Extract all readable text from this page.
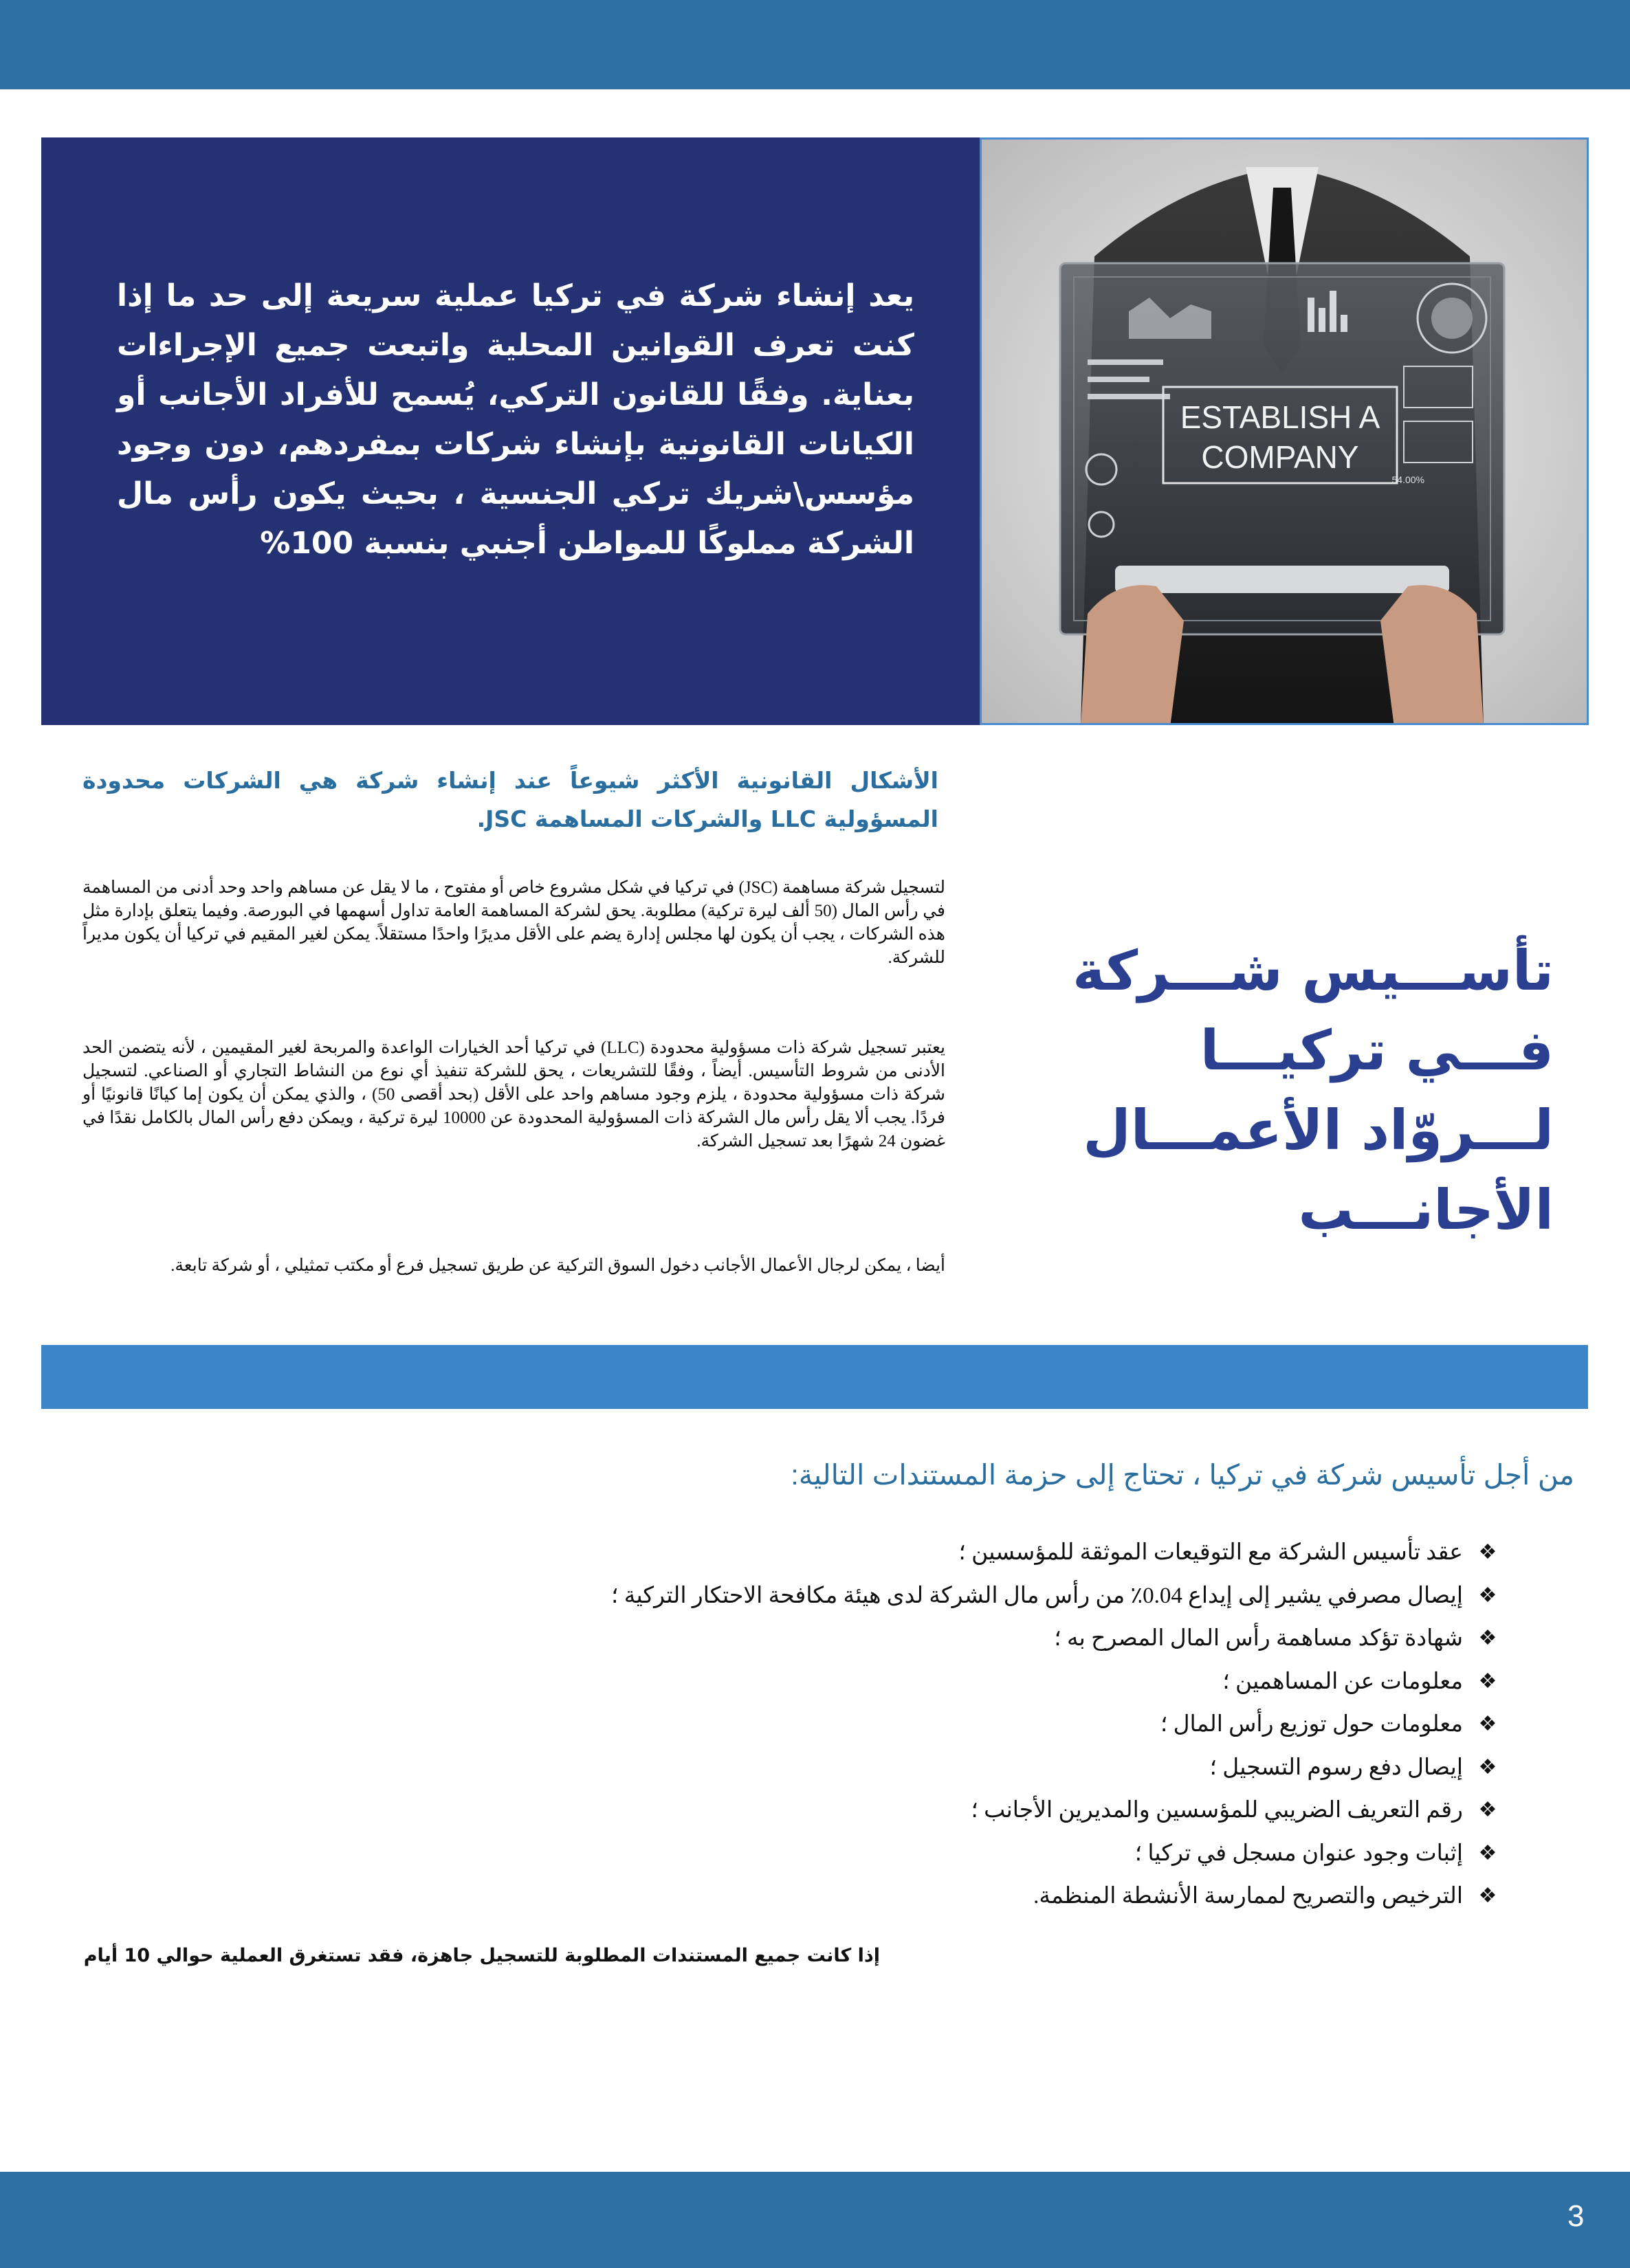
يعد إنشاء شركة في تركيا عملية سريعة إلى حد ما إذا كنت تعرف القوانين المحلية واتبعت جميع الإجراءات بعناية. وفقًا للقانون التركي، يُسمح للأفراد الأجانب أو الكيانات القانونية بإنشاء شركات بمفردهم، دون وجود مؤسس\شريك تركي الجنسية ، بحيث يكون رأس مال الشركة مملوكًا للمواطن أجنبي بنسبة 100%
ESTABLISH A
COMPANY
54.00%
الأشكال القانونية الأكثر شيوعاً عند إنشاء شركة هي الشركات محدودة المسؤولية LLC والشركات المساهمة JSC.
لتسجيل شركة مساهمة (JSC) في تركيا في شكل مشروع خاص أو مفتوح ، ما لا يقل عن مساهم واحد وحد أدنى من المساهمة في رأس المال (50 ألف ليرة تركية) مطلوبة. يحق لشركة المساهمة العامة تداول أسهمها في البورصة. وفيما يتعلق بإدارة مثل هذه الشركات ، يجب أن يكون لها مجلس إدارة يضم على الأقل مديرًا واحدًا مستقلاً. يمكن لغير المقيم في تركيا أن يكون مديراً للشركة.
يعتبر تسجيل شركة ذات مسؤولية محدودة (LLC) في تركيا أحد الخيارات الواعدة والمربحة لغير المقيمين ، لأنه يتضمن الحد الأدنى من شروط التأسيس. أيضاً ، وفقًا للتشريعات ، يحق للشركة تنفيذ أي نوع من النشاط التجاري أو الصناعي. لتسجيل شركة ذات مسؤولية محدودة ، يلزم وجود مساهم واحد على الأقل (بحد أقصى 50) ، والذي يمكن أن يكون إما كيانًا قانونيًا أو فردًا. يجب ألا يقل رأس مال الشركة ذات المسؤولية المحدودة عن 10000 ليرة تركية ، ويمكن دفع رأس المال بالكامل نقدًا في غضون 24 شهرًا بعد تسجيل الشركة.
أيضا ، يمكن لرجال الأعمال الأجانب دخول السوق التركية عن طريق تسجيل فرع أو مكتب تمثيلي ، أو شركة تابعة.
تأســـيس شـــركة فـــي تركيـــا لـــروّاد الأعمـــال الأجانـــب
من أجل تأسيس شركة في تركيا ، تحتاج إلى حزمة المستندات التالية:
❖
عقد تأسيس الشركة مع التوقيعات الموثقة للمؤسسين ؛
❖
إيصال مصرفي يشير إلى إيداع 0.04٪ من رأس مال الشركة لدى هيئة مكافحة الاحتكار التركية ؛
❖
شهادة تؤكد مساهمة رأس المال المصرح به ؛
❖
معلومات عن المساهمين ؛
❖
معلومات حول توزيع رأس المال ؛
❖
إيصال دفع رسوم التسجيل ؛
❖
رقم التعريف الضريبي للمؤسسين والمديرين الأجانب ؛
❖
إثبات وجود عنوان مسجل في تركيا ؛
❖
الترخيص والتصريح لممارسة الأنشطة المنظمة.
إذا كانت جميع المستندات المطلوبة للتسجيل جاهزة، فقد تستغرق العملية حوالي 10 أيام
3
